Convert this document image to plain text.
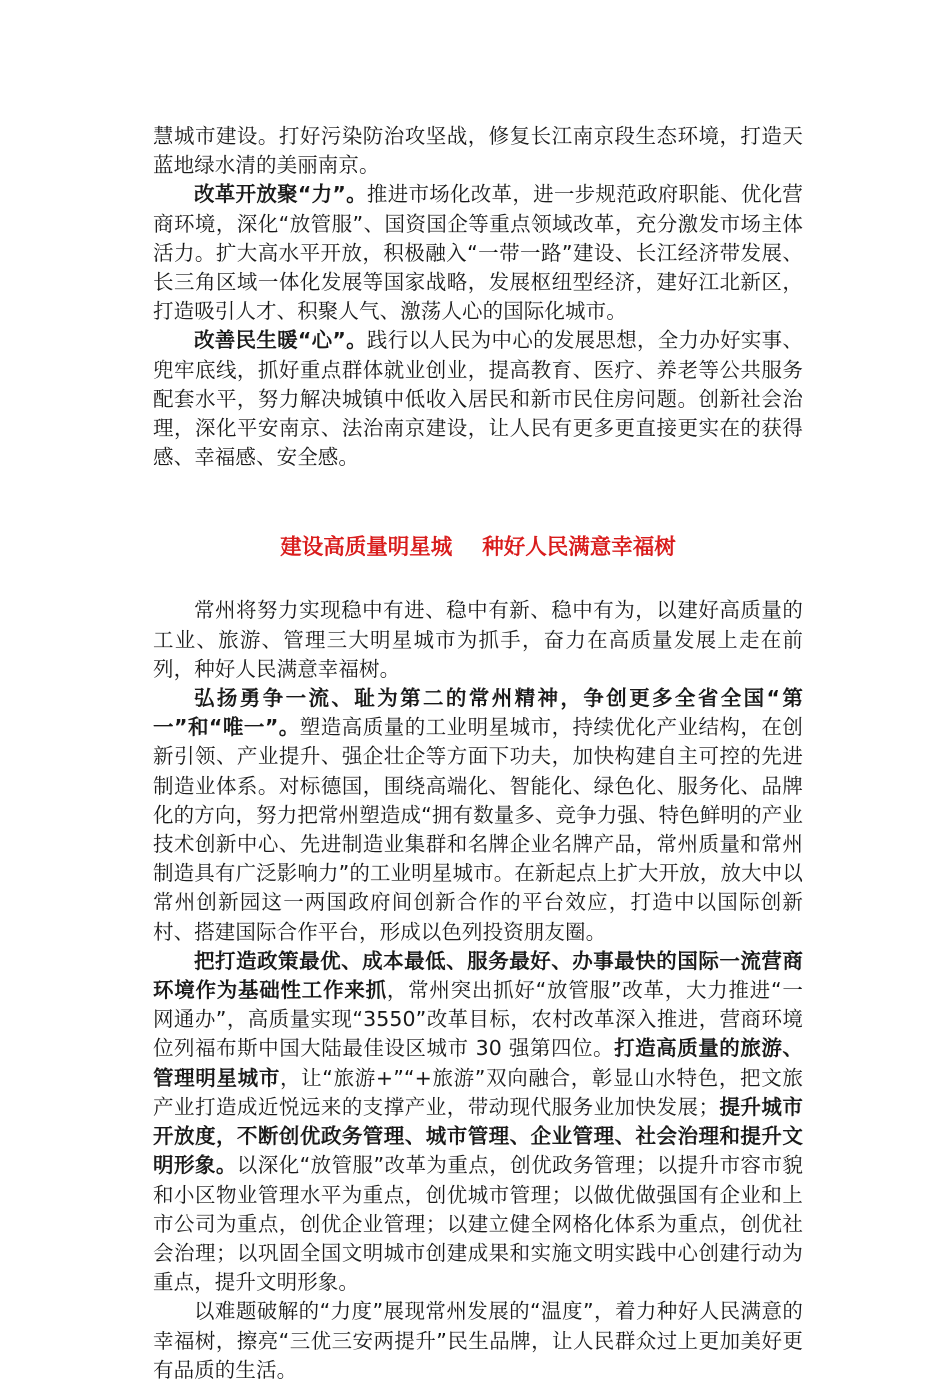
慧城市建设。打好污染防治攻坚战，修复长江南京段生态环境，打造天蓝地绿水清的美丽南京。

改革开放聚“力”。推进市场化改革，进一步规范政府职能、优化营商环境，深化“放管服”、国资国企等重点领域改革，充分激发市场主体活力。扩大高水平开放，积极融入“一带一路”建设、长江经济带发展、长三角区域一体化发展等国家战略，发展枢纽型经济，建好江北新区，打造吸引人才、积聚人气、激荡人心的国际化城市。

改善民生暖“心”。践行以人民为中心的发展思想，全力办好实事、兜牢底线，抓好重点群体就业创业，提高教育、医疗、养老等公共服务配套水平，努力解决城镇中低收入居民和新市民住房问题。创新社会治理，深化平安南京、法治南京建设，让人民有更多更直接更实在的获得感、幸福感、安全感。

建设高质量明星城    种好人民满意幸福树

常州将努力实现稳中有进、稳中有新、稳中有为，以建好高质量的工业、旅游、管理三大明星城市为抓手，奋力在高质量发展上走在前列，种好人民满意幸福树。

弘扬勇争一流、耻为第二的常州精神，争创更多全省全国“第一”和“唯一”。塑造高质量的工业明星城市，持续优化产业结构，在创新引领、产业提升、强企壮企等方面下功夫，加快构建自主可控的先进制造业体系。对标德国，围绕高端化、智能化、绿色化、服务化、品牌化的方向，努力把常州塑造成“拥有数量多、竞争力强、特色鲜明的产业技术创新中心、先进制造业集群和名牌企业名牌产品，常州质量和常州制造具有广泛影响力”的工业明星城市。在新起点上扩大开放，放大中以常州创新园这一两国政府间创新合作的平台效应，打造中以国际创新村、搭建国际合作平台，形成以色列投资朋友圈。

把打造政策最优、成本最低、服务最好、办事最快的国际一流营商环境作为基础性工作来抓，常州突出抓好“放管服”改革，大力推进“一网通办”，高质量实现“3550”改革目标，农村改革深入推进，营商环境位列福布斯中国大陆最佳设区城市 30 强第四位。打造高质量的旅游、管理明星城市，让“旅游+”“+旅游”双向融合，彰显山水特色，把文旅产业打造成近悦远来的支撑产业，带动现代服务业加快发展；提升城市开放度，不断创优政务管理、城市管理、企业管理、社会治理和提升文明形象。以深化“放管服”改革为重点，创优政务管理；以提升市容市貌和小区物业管理水平为重点，创优城市管理；以做优做强国有企业和上市公司为重点，创优企业管理；以建立健全网格化体系为重点，创优社会治理；以巩固全国文明城市创建成果和实施文明实践中心创建行动为重点，提升文明形象。

以难题破解的“力度”展现常州发展的“温度”，着力种好人民满意的幸福树，擦亮“三优三安两提升”民生品牌，让人民群众过上更加美好更有品质的生活。
